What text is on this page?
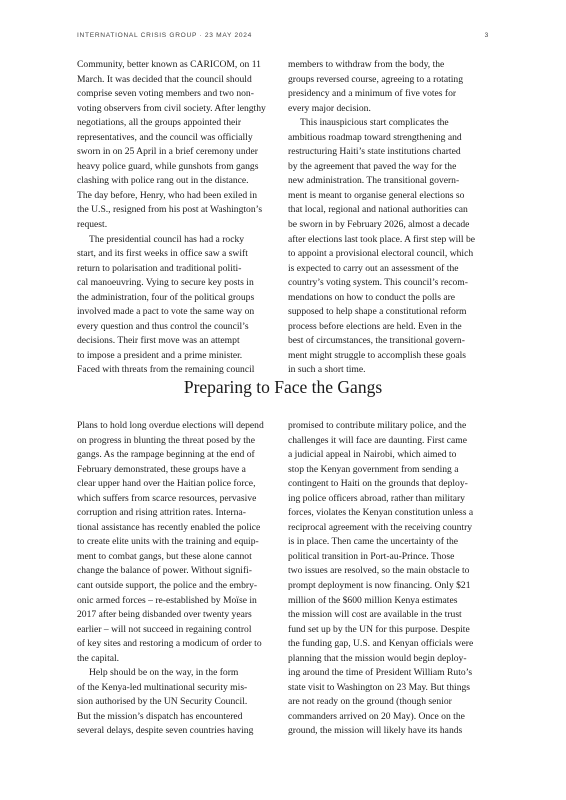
INTERNATIONAL CRISIS GROUP · 23 MAY 2024	3
Community, better known as CARICOM, on 11
March. It was decided that the council should
comprise seven voting members and two non-
voting observers from civil society. After lengthy
negotiations, all the groups appointed their
representatives, and the council was officially
sworn in on 25 April in a brief ceremony under
heavy police guard, while gunshots from gangs
clashing with police rang out in the distance.
The day before, Henry, who had been exiled in
the U.S., resigned from his post at Washington’s
request.
The presidential council has had a rocky
start, and its first weeks in office saw a swift
return to polarisation and traditional politi-
cal manoeuvring. Vying to secure key posts in
the administration, four of the political groups
involved made a pact to vote the same way on
every question and thus control the council’s
decisions. Their first move was an attempt
to impose a president and a prime minister.
Faced with threats from the remaining council
members to withdraw from the body, the
groups reversed course, agreeing to a rotating
presidency and a minimum of five votes for
every major decision.
This inauspicious start complicates the
ambitious roadmap toward strengthening and
restructuring Haiti’s state institutions charted
by the agreement that paved the way for the
new administration. The transitional govern-
ment is meant to organise general elections so
that local, regional and national authorities can
be sworn in by February 2026, almost a decade
after elections last took place. A first step will be
to appoint a provisional electoral council, which
is expected to carry out an assessment of the
country’s voting system. This council’s recom-
mendations on how to conduct the polls are
supposed to help shape a constitutional reform
process before elections are held. Even in the
best of circumstances, the transitional govern-
ment might struggle to accomplish these goals
in such a short time.
Preparing to Face the Gangs
Plans to hold long overdue elections will depend
on progress in blunting the threat posed by the
gangs. As the rampage beginning at the end of
February demonstrated, these groups have a
clear upper hand over the Haitian police force,
which suffers from scarce resources, pervasive
corruption and rising attrition rates. Interna-
tional assistance has recently enabled the police
to create elite units with the training and equip-
ment to combat gangs, but these alone cannot
change the balance of power. Without signifi-
cant outside support, the police and the embry-
onic armed forces – re-established by Moïse in
2017 after being disbanded over twenty years
earlier – will not succeed in regaining control
of key sites and restoring a modicum of order to
the capital.
Help should be on the way, in the form
of the Kenya-led multinational security mis-
sion authorised by the UN Security Council.
But the mission’s dispatch has encountered
several delays, despite seven countries having
promised to contribute military police, and the
challenges it will face are daunting. First came
a judicial appeal in Nairobi, which aimed to
stop the Kenyan government from sending a
contingent to Haiti on the grounds that deploy-
ing police officers abroad, rather than military
forces, violates the Kenyan constitution unless a
reciprocal agreement with the receiving country
is in place. Then came the uncertainty of the
political transition in Port-au-Prince. Those
two issues are resolved, so the main obstacle to
prompt deployment is now financing. Only $21
million of the $600 million Kenya estimates
the mission will cost are available in the trust
fund set up by the UN for this purpose. Despite
the funding gap, U.S. and Kenyan officials were
planning that the mission would begin deploy-
ing around the time of President William Ruto’s
state visit to Washington on 23 May. But things
are not ready on the ground (though senior
commanders arrived on 20 May). Once on the
ground, the mission will likely have its hands
